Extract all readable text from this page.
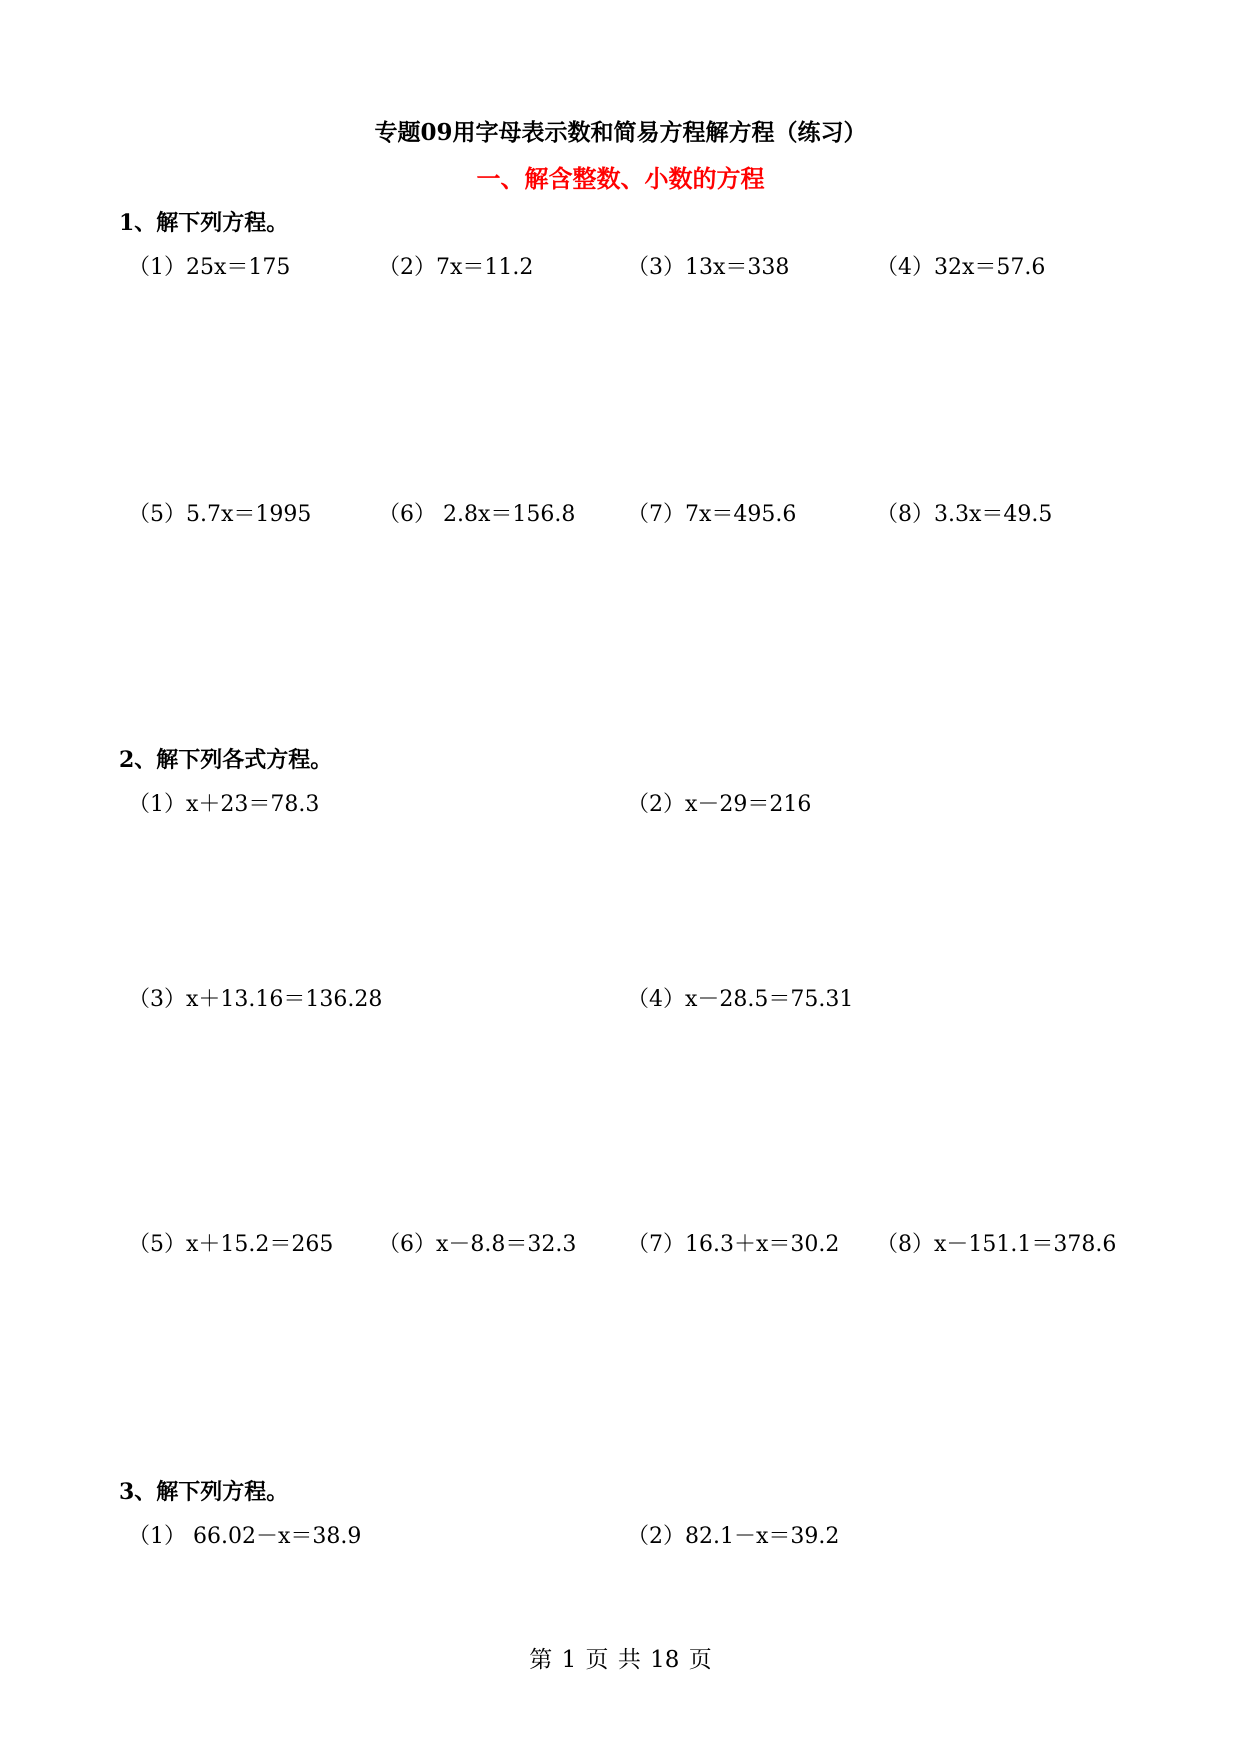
专题09用字母表示数和简易方程解方程（练习）
一、解含整数、小数的方程
1、解下列方程。
（1）25x＝175	（2）7x＝11.2	（3）13x＝338	（4）32x＝57.6
（5）5.7x＝1995	（6） 2.8x＝156.8 （7）7x＝495.6	（8）3.3x＝49.5
2、解下列各式方程。
（1）x＋23＝78.3	（2）x－29＝216
（3）x＋13.16＝136.28	（4）x－28.5＝75.31
（5）x＋15.2＝265 （6）x－8.8＝32.3 （7）16.3＋x＝30.2 （8）x－151.1＝378.6
3、解下列方程。
（1） 66.02－x＝38.9	（2）82.1－x＝39.2
第 1 页 共 18 页
